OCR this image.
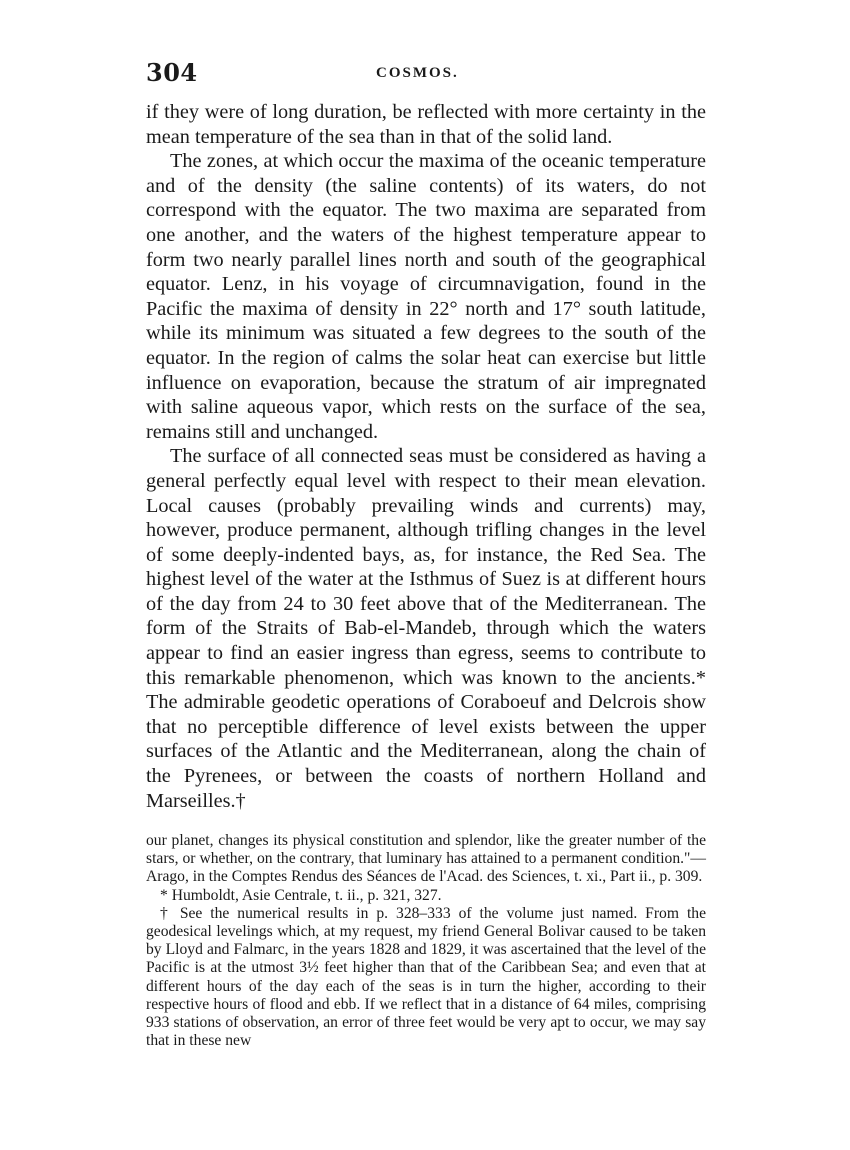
304	COSMOS.

if they were of long duration, be reflected with more certainty in the mean temperature of the sea than in that of the solid land.

The zones, at which occur the maxima of the oceanic temperature and of the density (the saline contents) of its waters, do not correspond with the equator. The two maxima are separated from one another, and the waters of the highest temperature appear to form two nearly parallel lines north and south of the geographical equator. Lenz, in his voyage of circumnavigation, found in the Pacific the maxima of density in 22° north and 17° south latitude, while its minimum was situated a few degrees to the south of the equator. In the region of calms the solar heat can exercise but little influence on evaporation, because the stratum of air impregnated with saline aqueous vapor, which rests on the surface of the sea, remains still and unchanged.

The surface of all connected seas must be considered as having a general perfectly equal level with respect to their mean elevation. Local causes (probably prevailing winds and currents) may, however, produce permanent, although trifling changes in the level of some deeply-indented bays, as, for instance, the Red Sea. The highest level of the water at the Isthmus of Suez is at different hours of the day from 24 to 30 feet above that of the Mediterranean. The form of the Straits of Bab-el-Mandeb, through which the waters appear to find an easier ingress than egress, seems to contribute to this remarkable phenomenon, which was known to the ancients.* The admirable geodetic operations of Coraboeuf and Delcrois show that no perceptible difference of level exists between the upper surfaces of the Atlantic and the Mediterranean, along the chain of the Pyrenees, or between the coasts of northern Holland and Marseilles.†

our planet, changes its physical constitution and splendor, like the greater number of the stars, or whether, on the contrary, that luminary has attained to a permanent condition."—Arago, in the Comptes Rendus des Séances de l'Acad. des Sciences, t. xi., Part ii., p. 309.

* Humboldt, Asie Centrale, t. ii., p. 321, 327.

† See the numerical results in p. 328–333 of the volume just named. From the geodesical levelings which, at my request, my friend General Bolivar caused to be taken by Lloyd and Falmarc, in the years 1828 and 1829, it was ascertained that the level of the Pacific is at the utmost 3½ feet higher than that of the Caribbean Sea; and even that at different hours of the day each of the seas is in turn the higher, according to their respective hours of flood and ebb. If we reflect that in a distance of 64 miles, comprising 933 stations of observation, an error of three feet would be very apt to occur, we may say that in these new
